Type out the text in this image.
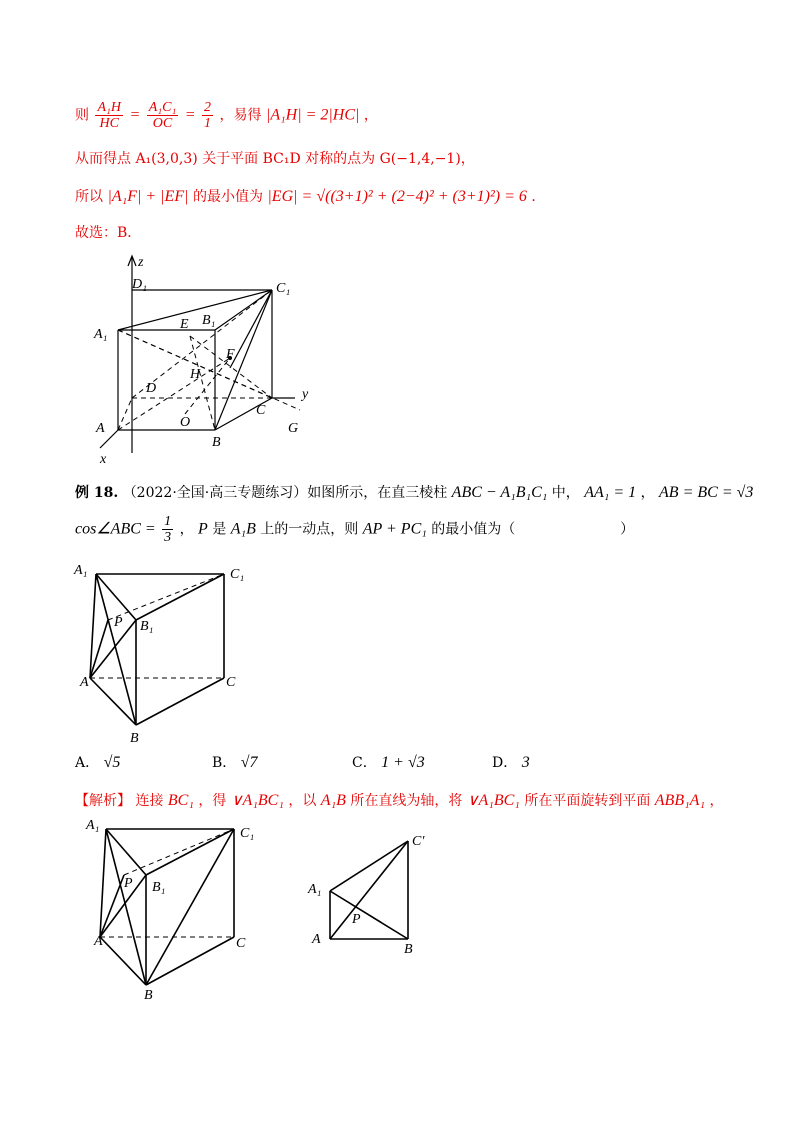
则 $\frac{\text{A₁H}}{HC} = \frac{\text{A₁C₁}}{OC} = \frac{2}{1}$ ，易得 |A₁H| = 2|HC| ，
从而得点 A₁(3,0,3) 关于平面 BC₁D 对称的点为 G(−1,4,−1)，
所以 |A₁F| + |EF| 的最小值为 |EG| = √((3+1)² + (2−4)² + (3+1)²) = 6 ．
故选：B．
z
D₁	C₁
A₁
E B₁
F
H
D	y
C
G
O
A
B
x
例 18. （2022·全国·高三专题练习）如图所示，在直三棱柱 ABC − A₁B₁C₁ 中， AA₁ = 1 ， AB = BC = √3
cos∠ABC = $\frac{1}{3}$ ， P 是 A₁B 上的一动点，则 AP + PC₁ 的最小值为（	）
A₁	C₁
P B₁
A	C
B
A． √5	B． √7	C． 1 + √3	D． 3
【解析】 连接 BC₁ ，得 ∨A₁BC₁ ，以 A₁B 所在直线为轴，将 ∨A₁BC₁ 所在平面旋转到平面 ABB₁A₁ ，
A₁
C₁
P B₁
A	C
B
C′
A₁
P
A
B
